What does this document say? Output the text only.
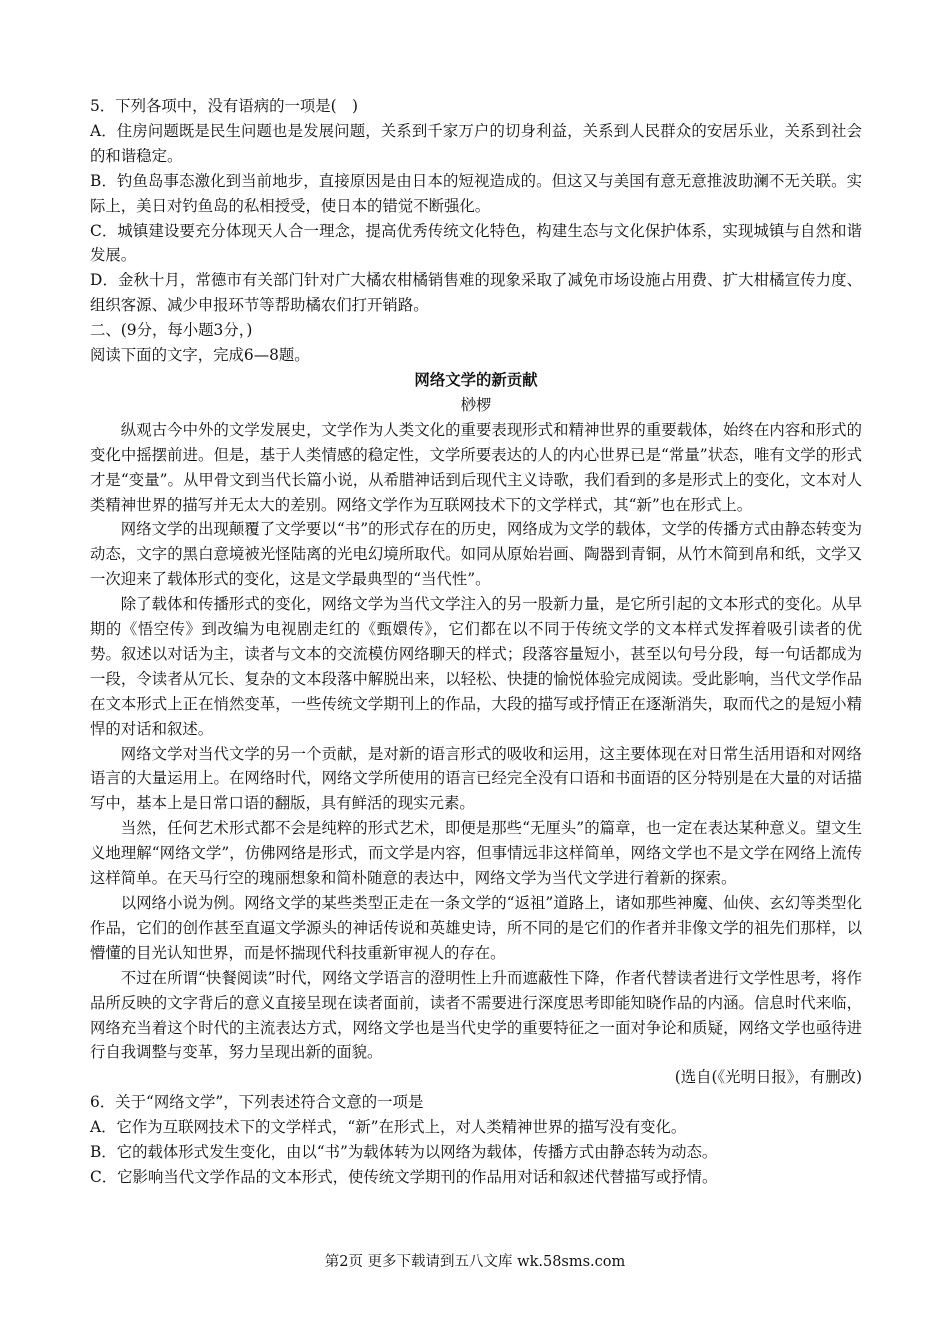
5．下列各项中，没有语病的一项是(　)

A．住房问题既是民生问题也是发展问题，关系到千家万户的切身利益，关系到人民群众的安居乐业，关系到社会的和谐稳定。

B．钓鱼岛事态激化到当前地步，直接原因是由日本的短视造成的。但这又与美国有意无意推波助澜不无关联。实际上，美日对钓鱼岛的私相授受，使日本的错觉不断强化。

C．城镇建设要充分体现天人合一理念，提高优秀传统文化特色，构建生态与文化保护体系，实现城镇与自然和谐发展。

D．金秋十月，常德市有关部门针对广大橘农柑橘销售难的现象采取了减免市场设施占用费、扩大柑橘宣传力度、组织客源、减少申报环节等帮助橘农们打开销路。

二、(9分，每小题3分，)

阅读下面的文字，完成6—8题。

网络文学的新贡献

桫椤

纵观古今中外的文学发展史，文学作为人类文化的重要表现形式和精神世界的重要载体，始终在内容和形式的变化中摇摆前进。但是，基于人类情感的稳定性，文学所要表达的人的内心世界已是“常量”状态，唯有文学的形式才是“变量”。从甲骨文到当代长篇小说，从希腊神话到后现代主义诗歌，我们看到的多是形式上的变化，文本对人类精神世界的描写并无太大的差别。网络文学作为互联网技术下的文学样式，其“新”也在形式上。

网络文学的出现颠覆了文学要以“书”的形式存在的历史，网络成为文学的载体，文学的传播方式由静态转变为动态，文字的黑白意境被光怪陆离的光电幻境所取代。如同从原始岩画、陶器到青铜，从竹木简到帛和纸，文学又一次迎来了载体形式的变化，这是文学最典型的“当代性”。

除了载体和传播形式的变化，网络文学为当代文学注入的另一股新力量，是它所引起的文本形式的变化。从早期的《悟空传》到改编为电视剧走红的《甄嬛传》，它们都在以不同于传统文学的文本样式发挥着吸引读者的优势。叙述以对话为主，读者与文本的交流模仿网络聊天的样式；段落容量短小，甚至以句号分段，每一句话都成为一段，令读者从冗长、复杂的文本段落中解脱出来，以轻松、快捷的愉悦体验完成阅读。受此影响，当代文学作品在文本形式上正在悄然变革，一些传统文学期刊上的作品，大段的描写或抒情正在逐渐消失，取而代之的是短小精悍的对话和叙述。

网络文学对当代文学的另一个贡献，是对新的语言形式的吸收和运用，这主要体现在对日常生活用语和对网络语言的大量运用上。在网络时代，网络文学所使用的语言已经完全没有口语和书面语的区分特别是在大量的对话描写中，基本上是日常口语的翻版，具有鲜活的现实元素。

当然，任何艺术形式都不会是纯粹的形式艺术，即便是那些“无厘头”的篇章，也一定在表达某种意义。望文生义地理解“网络文学”，仿佛网络是形式，而文学是内容，但事情远非这样简单，网络文学也不是文学在网络上流传这样简单。在天马行空的瑰丽想象和简朴随意的表达中，网络文学为当代文学进行着新的探索。

以网络小说为例。网络文学的某些类型正走在一条文学的“返祖”道路上，诸如那些神魔、仙侠、玄幻等类型化作品，它们的创作甚至直逼文学源头的神话传说和英雄史诗，所不同的是它们的作者并非像文学的祖先们那样，以懵懂的目光认知世界，而是怀揣现代科技重新审视人的存在。

不过在所谓“快餐阅读”时代，网络文学语言的澄明性上升而遮蔽性下降，作者代替读者进行文学性思考，将作品所反映的文字背后的意义直接呈现在读者面前，读者不需要进行深度思考即能知晓作品的内涵。信息时代来临，网络充当着这个时代的主流表达方式，网络文学也是当代史学的重要特征之一面对争论和质疑，网络文学也亟待进行自我调整与变革，努力呈现出新的面貌。

(选自(《光明日报》，有删改)

6．关于“网络文学”，下列表述符合文意的一项是

A．它作为互联网技术下的文学样式，“新”在形式上，对人类精神世界的描写没有变化。

B．它的载体形式发生变化，由以“书”为载体转为以网络为载体，传播方式由静态转为动态。

C．它影响当代文学作品的文本形式，使传统文学期刊的作品用对话和叙述代替描写或抒情。

第2页 更多下载请到五八文库 wk.58sms.com
